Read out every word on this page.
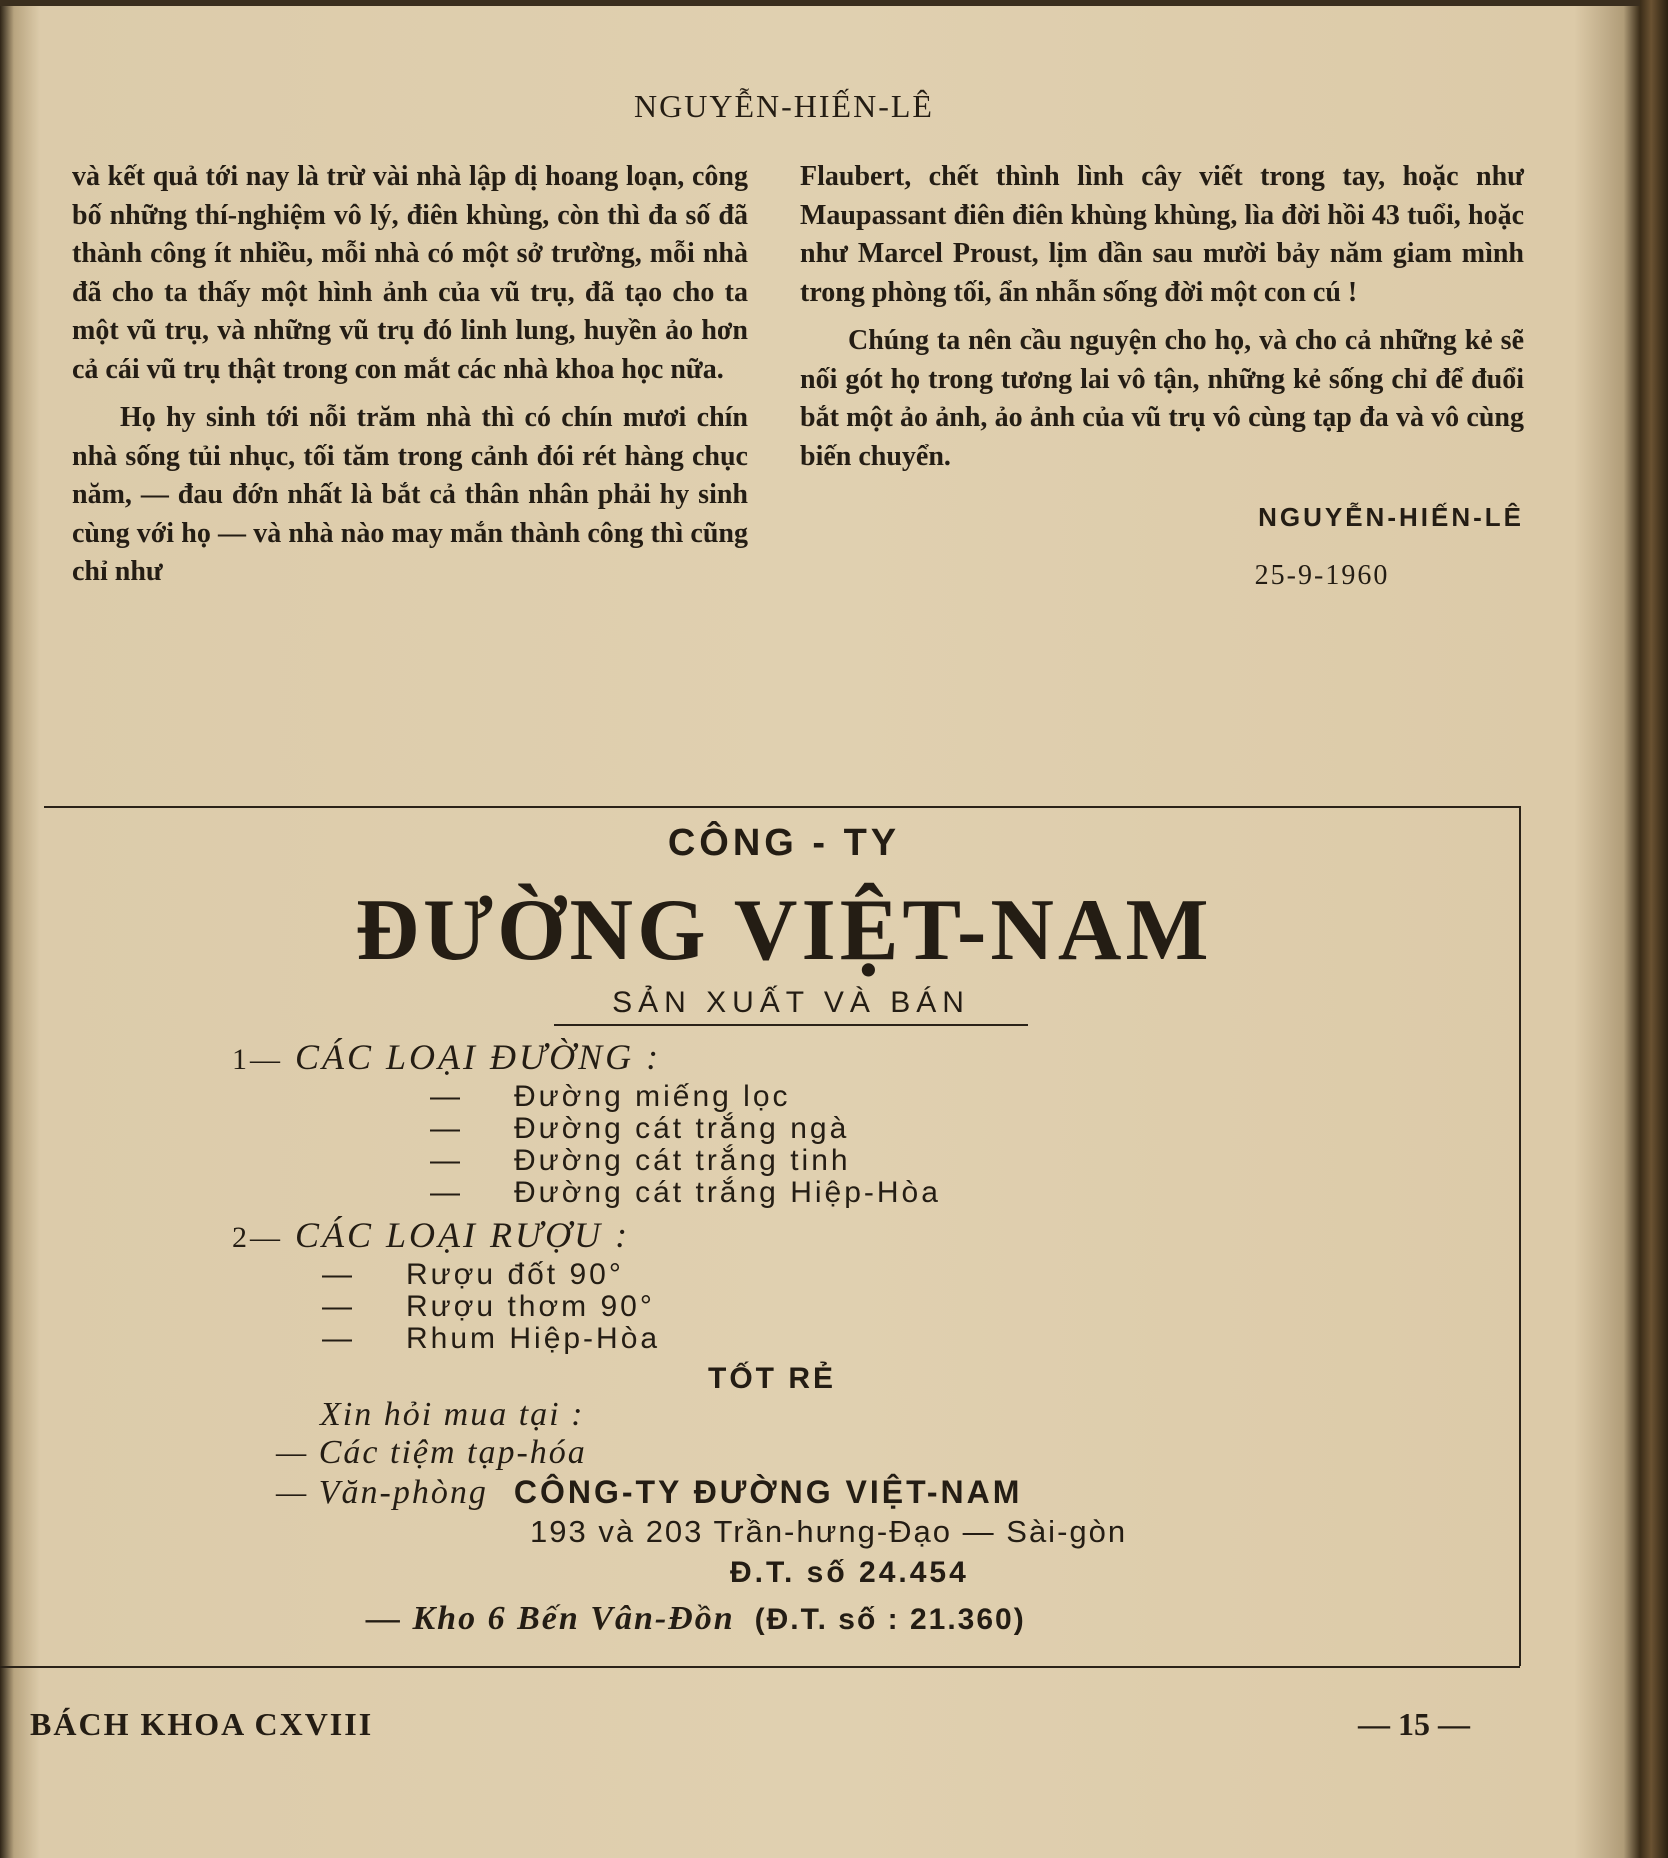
NGUYỄN-HIẾN-LÊ

và kết quả tới nay là trừ vài nhà lập dị hoang loạn, công bố những thí-nghiệm vô lý, điên khùng, còn thì đa số đã thành công ít nhiều, mỗi nhà có một sở trường, mỗi nhà đã cho ta thấy một hình ảnh của vũ trụ, đã tạo cho ta một vũ trụ, và những vũ trụ đó linh lung, huyền ảo hơn cả cái vũ trụ thật trong con mắt các nhà khoa học nữa.

Họ hy sinh tới nỗi trăm nhà thì có chín mươi chín nhà sống tủi nhục, tối tăm trong cảnh đói rét hàng chục năm, — đau đớn nhất là bắt cả thân nhân phải hy sinh cùng với họ — và nhà nào may mắn thành công thì cũng chỉ như

Flaubert, chết thình lình cây viết trong tay, hoặc như Maupassant điên điên khùng khùng, lìa đời hồi 43 tuổi, hoặc như Marcel Proust, lịm dần sau mười bảy năm giam mình trong phòng tối, ẩn nhẫn sống đời một con cú !

Chúng ta nên cầu nguyện cho họ, và cho cả những kẻ sẽ nối gót họ trong tương lai vô tận, những kẻ sống chỉ để đuổi bắt một ảo ảnh, ảo ảnh của vũ trụ vô cùng tạp đa và vô cùng biến chuyển.

NGUYỄN-HIẾN-LÊ
25-9-1960
CÔNG - TY
ĐƯỜNG VIỆT-NAM
SẢN XUẤT VÀ BÁN
1— CÁC LOẠI ĐƯỜNG :
— Đường miếng lọc
— Đường cát trắng ngà
— Đường cát trắng tinh
— Đường cát trắng Hiệp-Hòa
2— CÁC LOẠI RƯỢU :
— Rượu đốt 90°
— Rượu thơm 90°
— Rhum Hiệp-Hòa
TỐT RẺ
Xin hỏi mua tại :
— Các tiệm tạp-hóa
— Văn-phòng CÔNG-TY ĐƯỜNG VIỆT-NAM
193 và 203 Trần-hưng-Đạo — Sài-gòn
Đ.T. số 24.454
— Kho 6 Bến Vân-Đồn (Đ.T. số : 21.360)
BÁCH KHOA CXVIII	— 15 —
